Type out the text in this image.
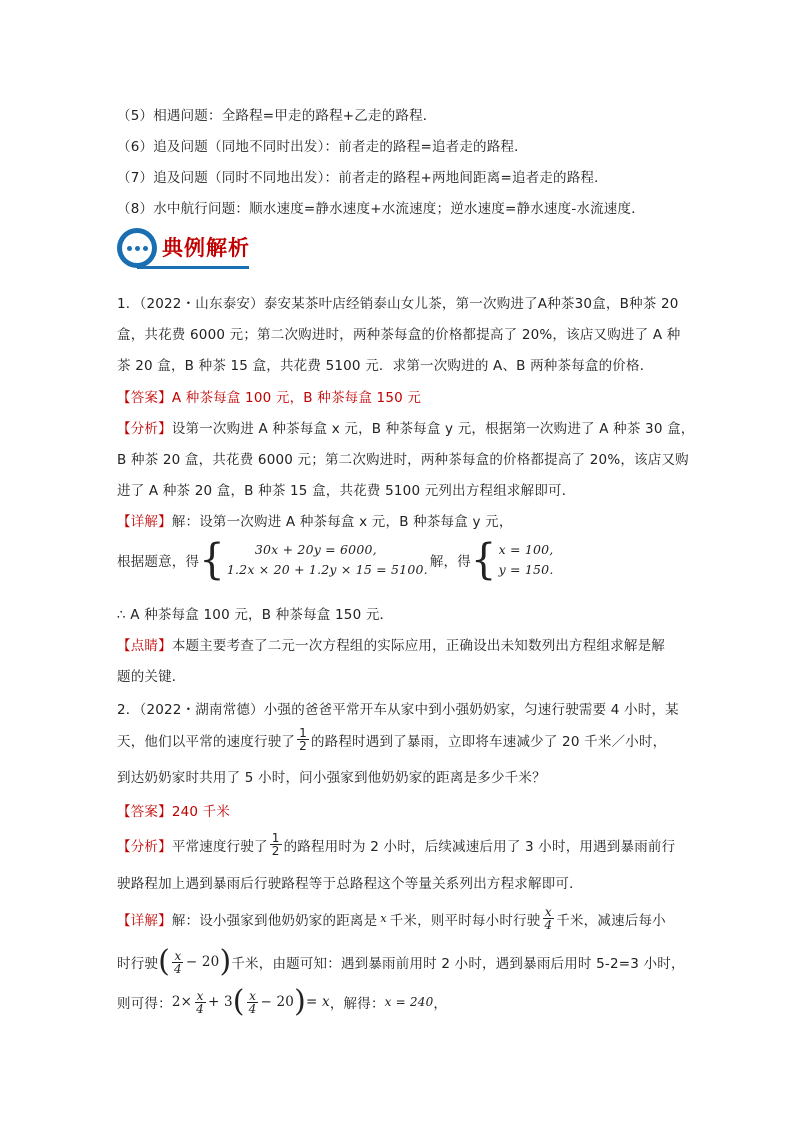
（5）相遇问题：全路程=甲走的路程+乙走的路程．
（6）追及问题（同地不同时出发）：前者走的路程=追者走的路程．
（7）追及问题（同时不同地出发）：前者走的路程+两地间距离=追者走的路程．
（8）水中航行问题：顺水速度=静水速度+水流速度；逆水速度=静水速度-水流速度．
典例解析
1．（2022・山东泰安）泰安某茶叶店经销泰山女儿茶，第一次购进了A种茶30盒，B种茶 20
盒，共花费 6000 元；第二次购进时，两种茶每盒的价格都提高了 20%，该店又购进了 A 种
茶 20 盒，B 种茶 15 盒，共花费 5100 元．求第一次购进的 A、B 两种茶每盒的价格．
【答案】A 种茶每盒 100 元，B 种茶每盒 150 元
【分析】设第一次购进 A 种茶每盒 x 元，B 种茶每盒 y 元，根据第一次购进了 A 种茶 30 盒，
B 种茶 20 盒，共花费 6000 元；第二次购进时，两种茶每盒的价格都提高了 20%，该店又购
进了 A 种茶 20 盒，B 种茶 15 盒，共花费 5100 元列出方程组求解即可．
【详解】解：设第一次购进 A 种茶每盒 x 元，B 种茶每盒 y 元，
根据题意，得 {	30x + 20y = 6000,
1.2x × 20 + 1.2y × 15 = 5100. 解，得 { x = 100,
y = 150.
∴ A 种茶每盒 100 元，B 种茶每盒 150 元．
【点睛】本题主要考查了二元一次方程组的实际应用，正确设出未知数列出方程组求解是解
题的关键．
2．（2022・湖南常德）小强的爸爸平常开车从家中到小强奶奶家，匀速行驶需要 4 小时，某
天，他们以平常的速度行驶了 $\frac{1}{2}$ 的路程时遇到了暴雨，立即将车速减少了 20 千米／小时，
到达奶奶家时共用了 5 小时，问小强家到他奶奶家的距离是多少千米？
【答案】240 千米
【分析】 平常速度行驶了 $\frac{1}{2}$ 的路程用时为 2 小时，后续减速后用了 3 小时，用遇到暴雨前行
驶路程加上遇到暴雨后行驶路程等于总路程这个等量关系列出方程求解即可．
【详解】 解：设小强家到他奶奶家的距离是 x 千米，则平时每小时行驶 $\frac{x}{4}$ 千米，减速后每小
时行驶 ( $\frac{x}{4} - 20$ ) 千米，由题可知：遇到暴雨前用时 2 小时，遇到暴雨后用时 5-2=3 小时，
则可得： $2\times \frac{x}{4} + 3$ ( $\frac{x}{4} - 20$ ) = x ，解得： x = 240 ，
